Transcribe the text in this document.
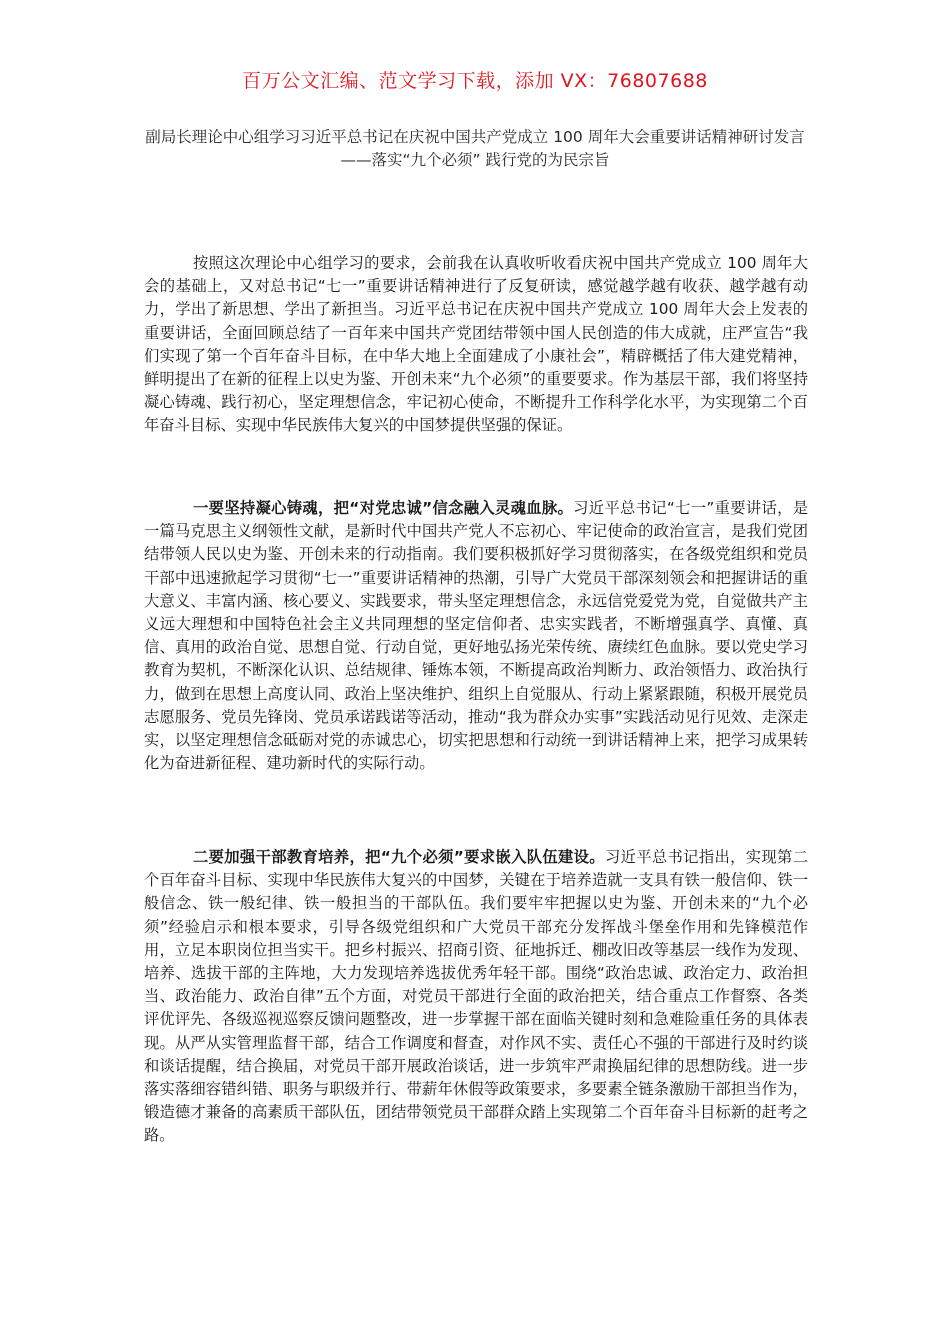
百万公文汇编、范文学习下载，添加 VX：76807688
副局长理论中心组学习习近平总书记在庆祝中国共产党成立 100 周年大会重要讲话精神研讨发言
——落实“九个必须” 践行党的为民宗旨

按照这次理论中心组学习的要求，会前我在认真收听收看庆祝中国共产党成立 100 周年大会的基础上，又对总书记“七一”重要讲话精神进行了反复研读，感觉越学越有收获、越学越有动力，学出了新思想、学出了新担当。习近平总书记在庆祝中国共产党成立 100 周年大会上发表的重要讲话，全面回顾总结了一百年来中国共产党团结带领中国人民创造的伟大成就，庄严宣告“我们实现了第一个百年奋斗目标，在中华大地上全面建成了小康社会”，精辟概括了伟大建党精神，鲜明提出了在新的征程上以史为鉴、开创未来“九个必须”的重要要求。作为基层干部，我们将坚持凝心铸魂、践行初心，坚定理想信念，牢记初心使命，不断提升工作科学化水平，为实现第二个百年奋斗目标、实现中华民族伟大复兴的中国梦提供坚强的保证。

一要坚持凝心铸魂，把“对党忠诚”信念融入灵魂血脉。习近平总书记“七一”重要讲话，是一篇马克思主义纲领性文献，是新时代中国共产党人不忘初心、牢记使命的政治宣言，是我们党团结带领人民以史为鉴、开创未来的行动指南。我们要积极抓好学习贯彻落实，在各级党组织和党员干部中迅速掀起学习贯彻“七一”重要讲话精神的热潮，引导广大党员干部深刻领会和把握讲话的重大意义、丰富内涵、核心要义、实践要求，带头坚定理想信念，永远信党爱党为党，自觉做共产主义远大理想和中国特色社会主义共同理想的坚定信仰者、忠实实践者，不断增强真学、真懂、真信、真用的政治自觉、思想自觉、行动自觉，更好地弘扬光荣传统、赓续红色血脉。要以党史学习教育为契机，不断深化认识、总结规律、锤炼本领，不断提高政治判断力、政治领悟力、政治执行力，做到在思想上高度认同、政治上坚决维护、组织上自觉服从、行动上紧紧跟随，积极开展党员志愿服务、党员先锋岗、党员承诺践诺等活动，推动“我为群众办实事”实践活动见行见效、走深走实，以坚定理想信念砥砺对党的赤诚忠心，切实把思想和行动统一到讲话精神上来，把学习成果转化为奋进新征程、建功新时代的实际行动。

二要加强干部教育培养，把“九个必须”要求嵌入队伍建设。习近平总书记指出，实现第二个百年奋斗目标、实现中华民族伟大复兴的中国梦，关键在于培养造就一支具有铁一般信仰、铁一般信念、铁一般纪律、铁一般担当的干部队伍。我们要牢牢把握以史为鉴、开创未来的“九个必须”经验启示和根本要求，引导各级党组织和广大党员干部充分发挥战斗堡垒作用和先锋模范作用，立足本职岗位担当实干。把乡村振兴、招商引资、征地拆迁、棚改旧改等基层一线作为发现、培养、选拔干部的主阵地，大力发现培养选拔优秀年轻干部。围绕“政治忠诚、政治定力、政治担当、政治能力、政治自律”五个方面，对党员干部进行全面的政治把关，结合重点工作督察、各类评优评先、各级巡视巡察反馈问题整改，进一步掌握干部在面临关键时刻和急难险重任务的具体表现。从严从实管理监督干部，结合工作调度和督查，对作风不实、责任心不强的干部进行及时约谈和谈话提醒，结合换届，对党员干部开展政治谈话，进一步筑牢严肃换届纪律的思想防线。进一步落实落细容错纠错、职务与职级并行、带薪年休假等政策要求，多要素全链条激励干部担当作为，锻造德才兼备的高素质干部队伍，团结带领党员干部群众踏上实现第二个百年奋斗目标新的赶考之路。
